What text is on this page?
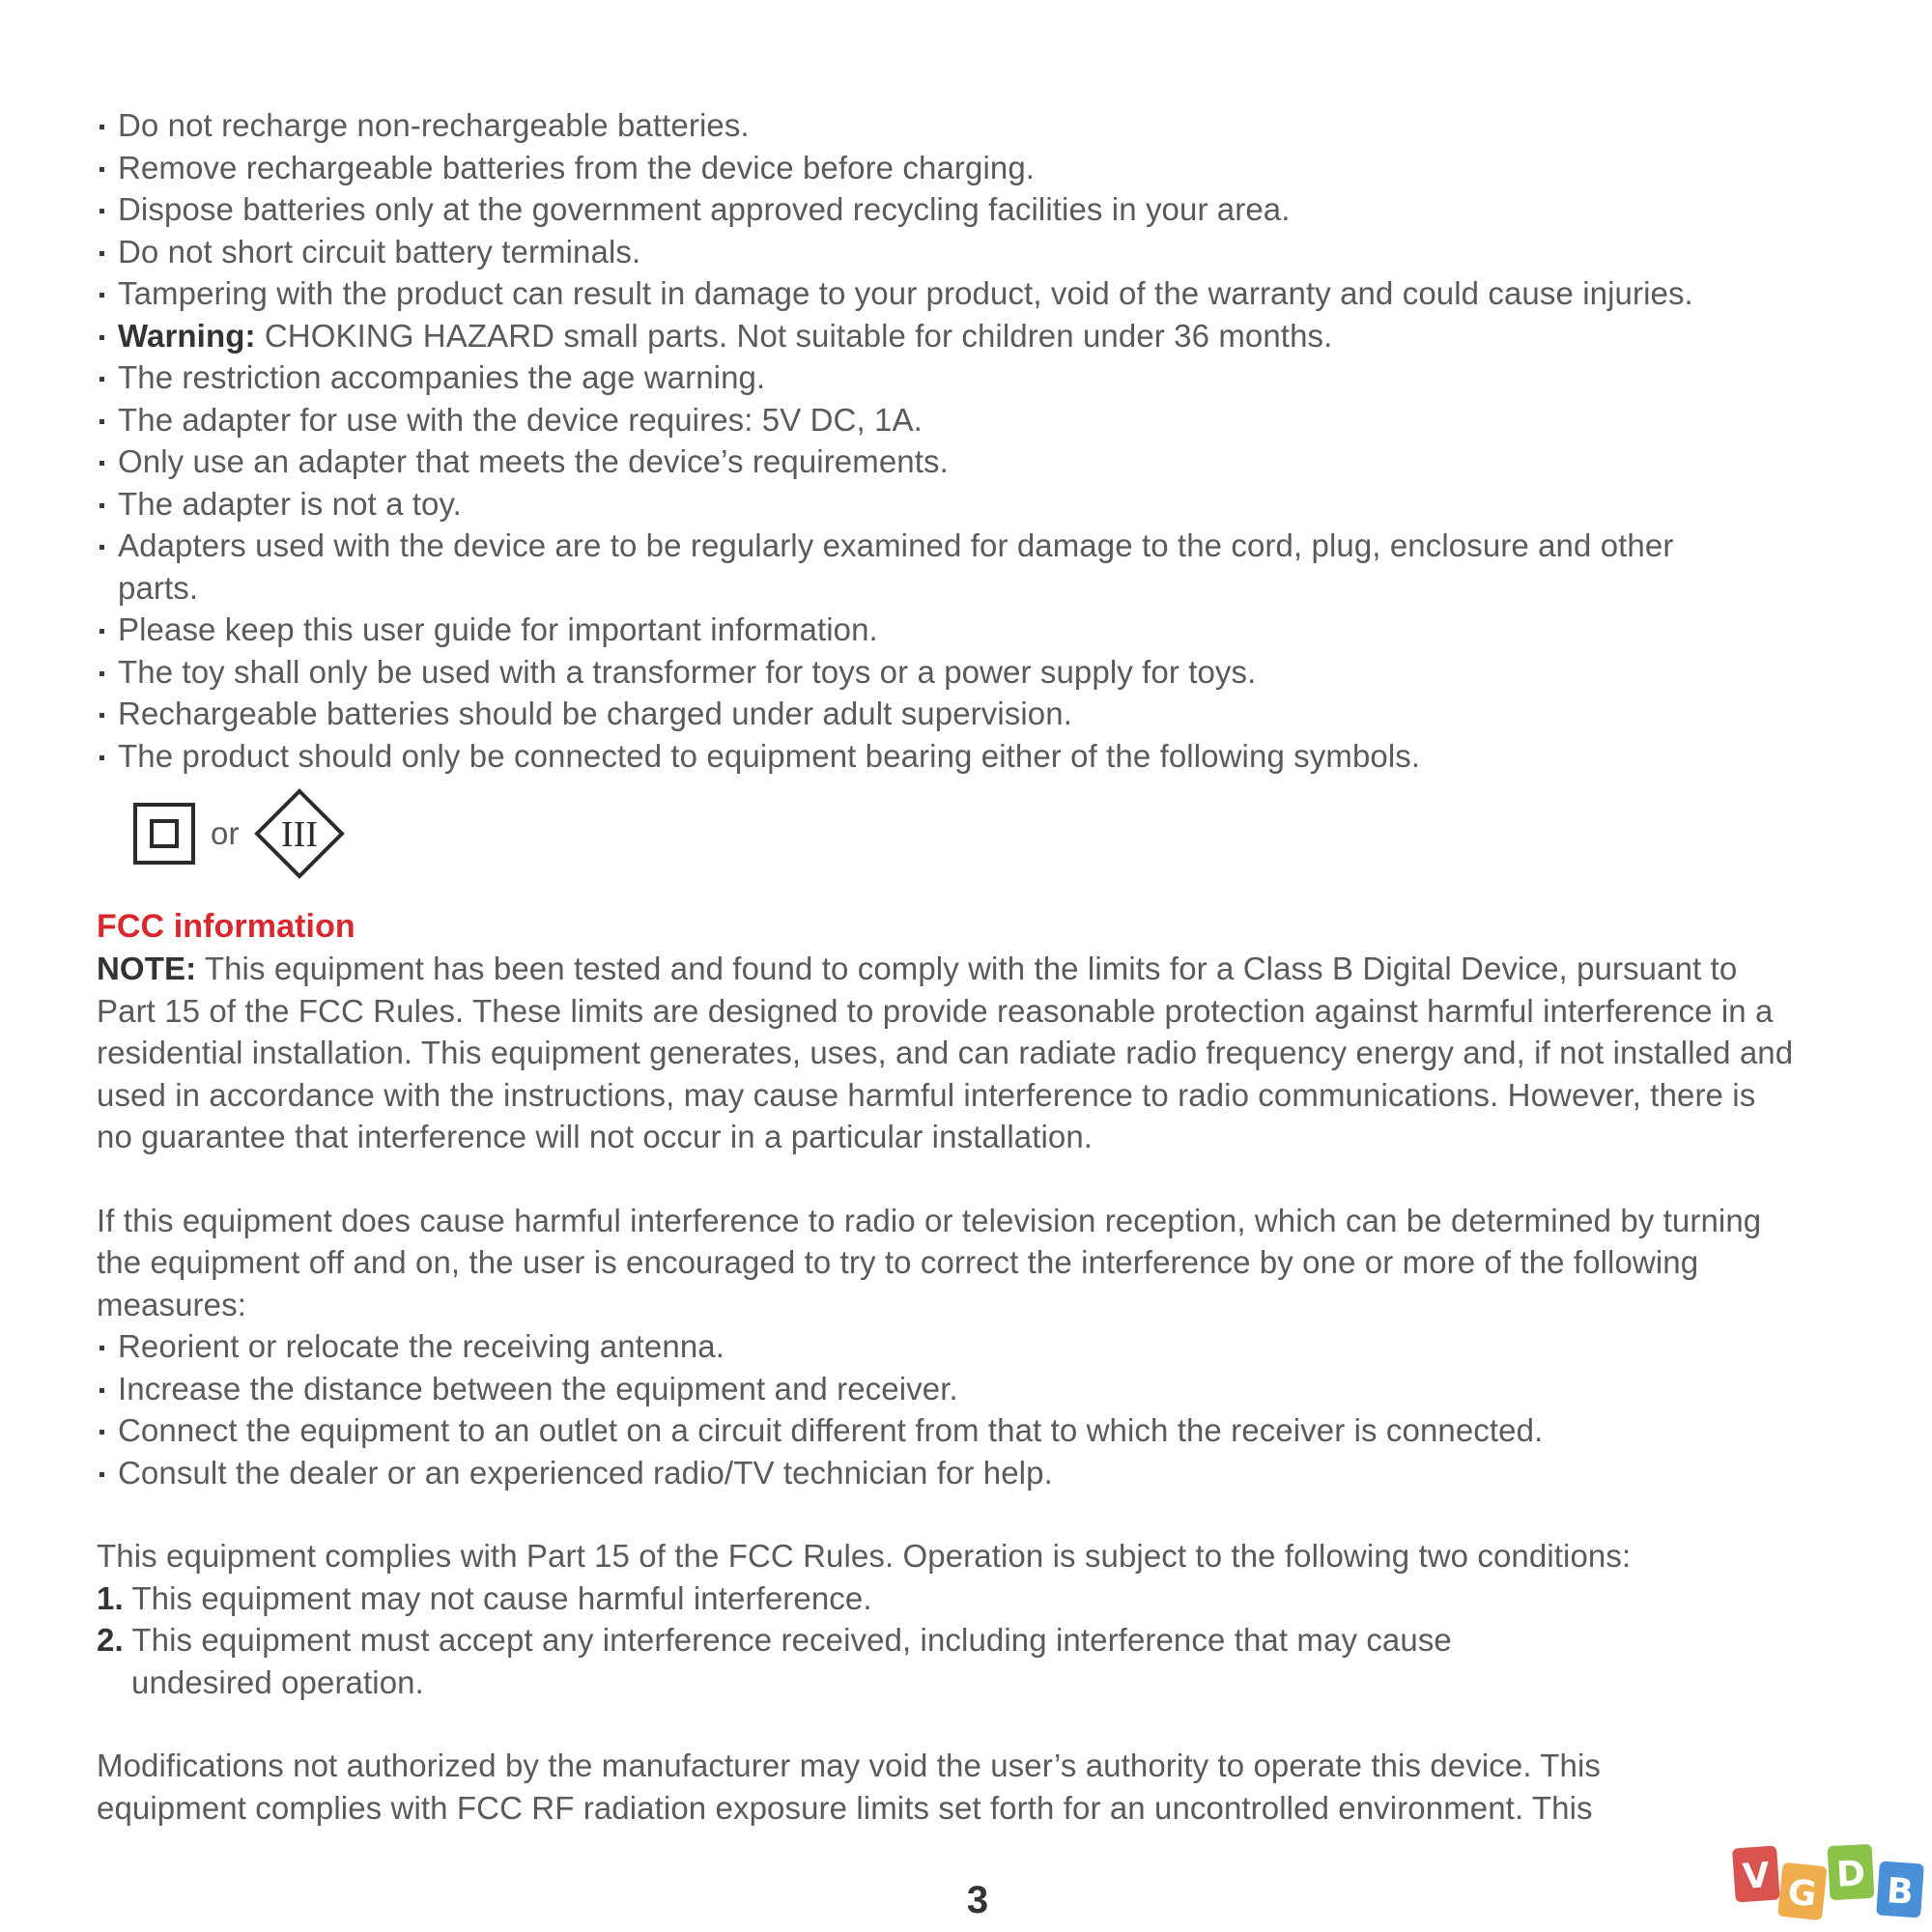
Do not recharge non-rechargeable batteries.
Remove rechargeable batteries from the device before charging.
Dispose batteries only at the government approved recycling facilities in your area.
Do not short circuit battery terminals.
Tampering with the product can result in damage to your product, void of the warranty and could cause injuries.
Warning: CHOKING HAZARD small parts. Not suitable for children under 36 months.
The restriction accompanies the age warning.
The adapter for use with the device requires: 5V DC, 1A.
Only use an adapter that meets the device’s requirements.
The adapter is not a toy.
Adapters used with the device are to be regularly examined for damage to the cord, plug, enclosure and other parts.
Please keep this user guide for important information.
The toy shall only be used with a transformer for toys or a power supply for toys.
Rechargeable batteries should be charged under adult supervision.
The product should only be connected to equipment bearing either of the following symbols.
or III
FCC information

NOTE: This equipment has been tested and found to comply with the limits for a Class B Digital Device, pursuant to Part 15 of the FCC Rules. These limits are designed to provide reasonable protection against harmful interference in a residential installation. This equipment generates, uses, and can radiate radio frequency energy and, if not installed and used in accordance with the instructions, may cause harmful interference to radio communications. However, there is no guarantee that interference will not occur in a particular installation.

If this equipment does cause harmful interference to radio or television reception, which can be determined by turning the equipment off and on, the user is encouraged to try to correct the interference by one or more of the following measures:

Reorient or relocate the receiving antenna.
Increase the distance between the equipment and receiver.
Connect the equipment to an outlet on a circuit different from that to which the receiver is connected.
Consult the dealer or an experienced radio/TV technician for help.

This equipment complies with Part 15 of the FCC Rules. Operation is subject to the following two conditions:

1. This equipment may not cause harmful interference.
2. This equipment must accept any interference received, including interference that may cause
undesired operation.

Modifications not authorized by the manufacturer may void the user’s authority to operate this device. This equipment complies with FCC RF radiation exposure limits set forth for an uncontrolled environment. This

3
V G D B
